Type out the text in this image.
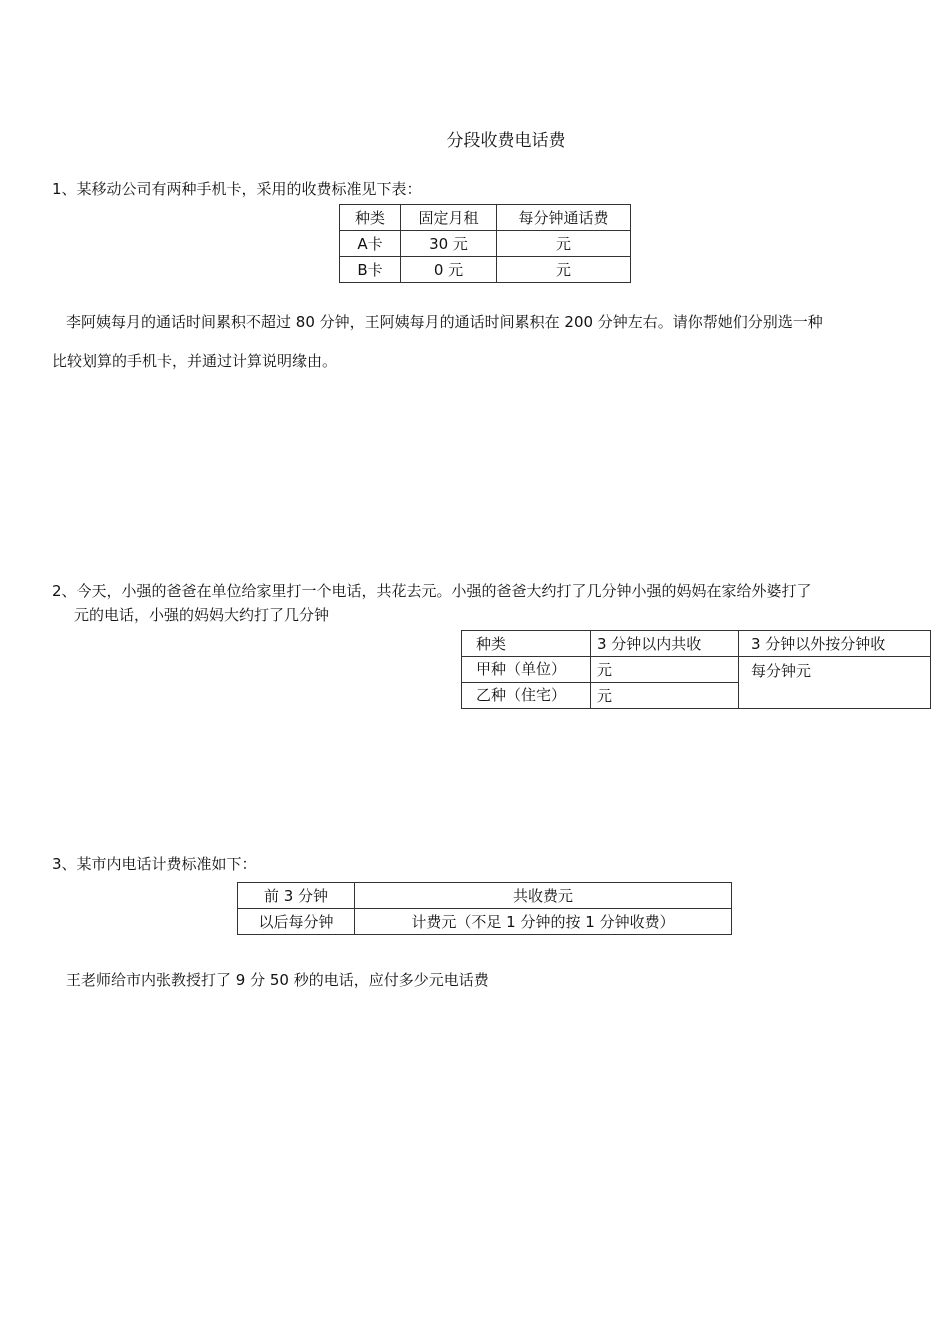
分段收费电话费
1、某移动公司有两种手机卡，采用的收费标准见下表：
种类	固定月租	每分钟通话费
A卡	30 元	元
B卡	0 元	元
李阿姨每月的通话时间累积不超过 80 分钟，王阿姨每月的通话时间累积在 200 分钟左右。请你帮她们分别选一种
比较划算的手机卡，并通过计算说明缘由。
2、今天，小强的爸爸在单位给家里打一个电话，共花去元。小强的爸爸大约打了几分钟小强的妈妈在家给外婆打了
元的电话，小强的妈妈大约打了几分钟
种类	3 分钟以内共收	3 分钟以外按分钟收

甲种（单位）	元	每分钟元

乙种（住宅）	元	
3、某市内电话计费标准如下：
前 3 分钟	共收费元
以后每分钟	计费元（不足 1 分钟的按 1 分钟收费）
王老师给市内张教授打了 9 分 50 秒的电话，应付多少元电话费
